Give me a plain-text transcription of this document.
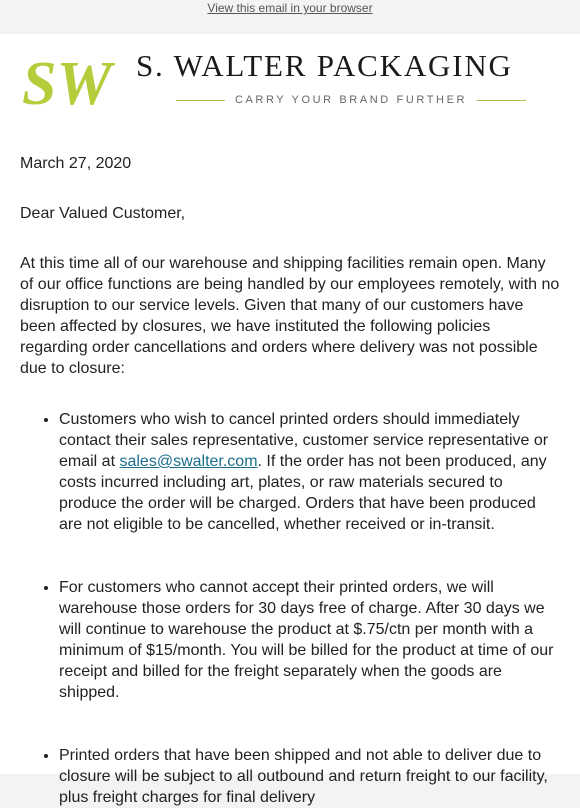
View this email in your browser
SW S. WALTER PACKAGING
CARRY YOUR BRAND FURTHER

March 27, 2020

Dear Valued Customer,

At this time all of our warehouse and shipping facilities remain open. Many of our office functions are being handled by our employees remotely, with no disruption to our service levels. Given that many of our customers have been affected by closures, we have instituted the following policies regarding order cancellations and orders where delivery was not possible due to closure:

• Customers who wish to cancel printed orders should immediately contact their sales representative, customer service representative or email at sales@swalter.com. If the order has not been produced, any costs incurred including art, plates, or raw materials secured to produce the order will be charged. Orders that have been produced are not eligible to be cancelled, whether received or in-transit.
• For customers who cannot accept their printed orders, we will warehouse those orders for 30 days free of charge. After 30 days we will continue to warehouse the product at $.75/ctn per month with a minimum of $15/month. You will be billed for the product at time of our receipt and billed for the freight separately when the goods are shipped.
• Printed orders that have been shipped and not able to deliver due to closure will be subject to all outbound and return freight to our facility, plus freight charges for final delivery
